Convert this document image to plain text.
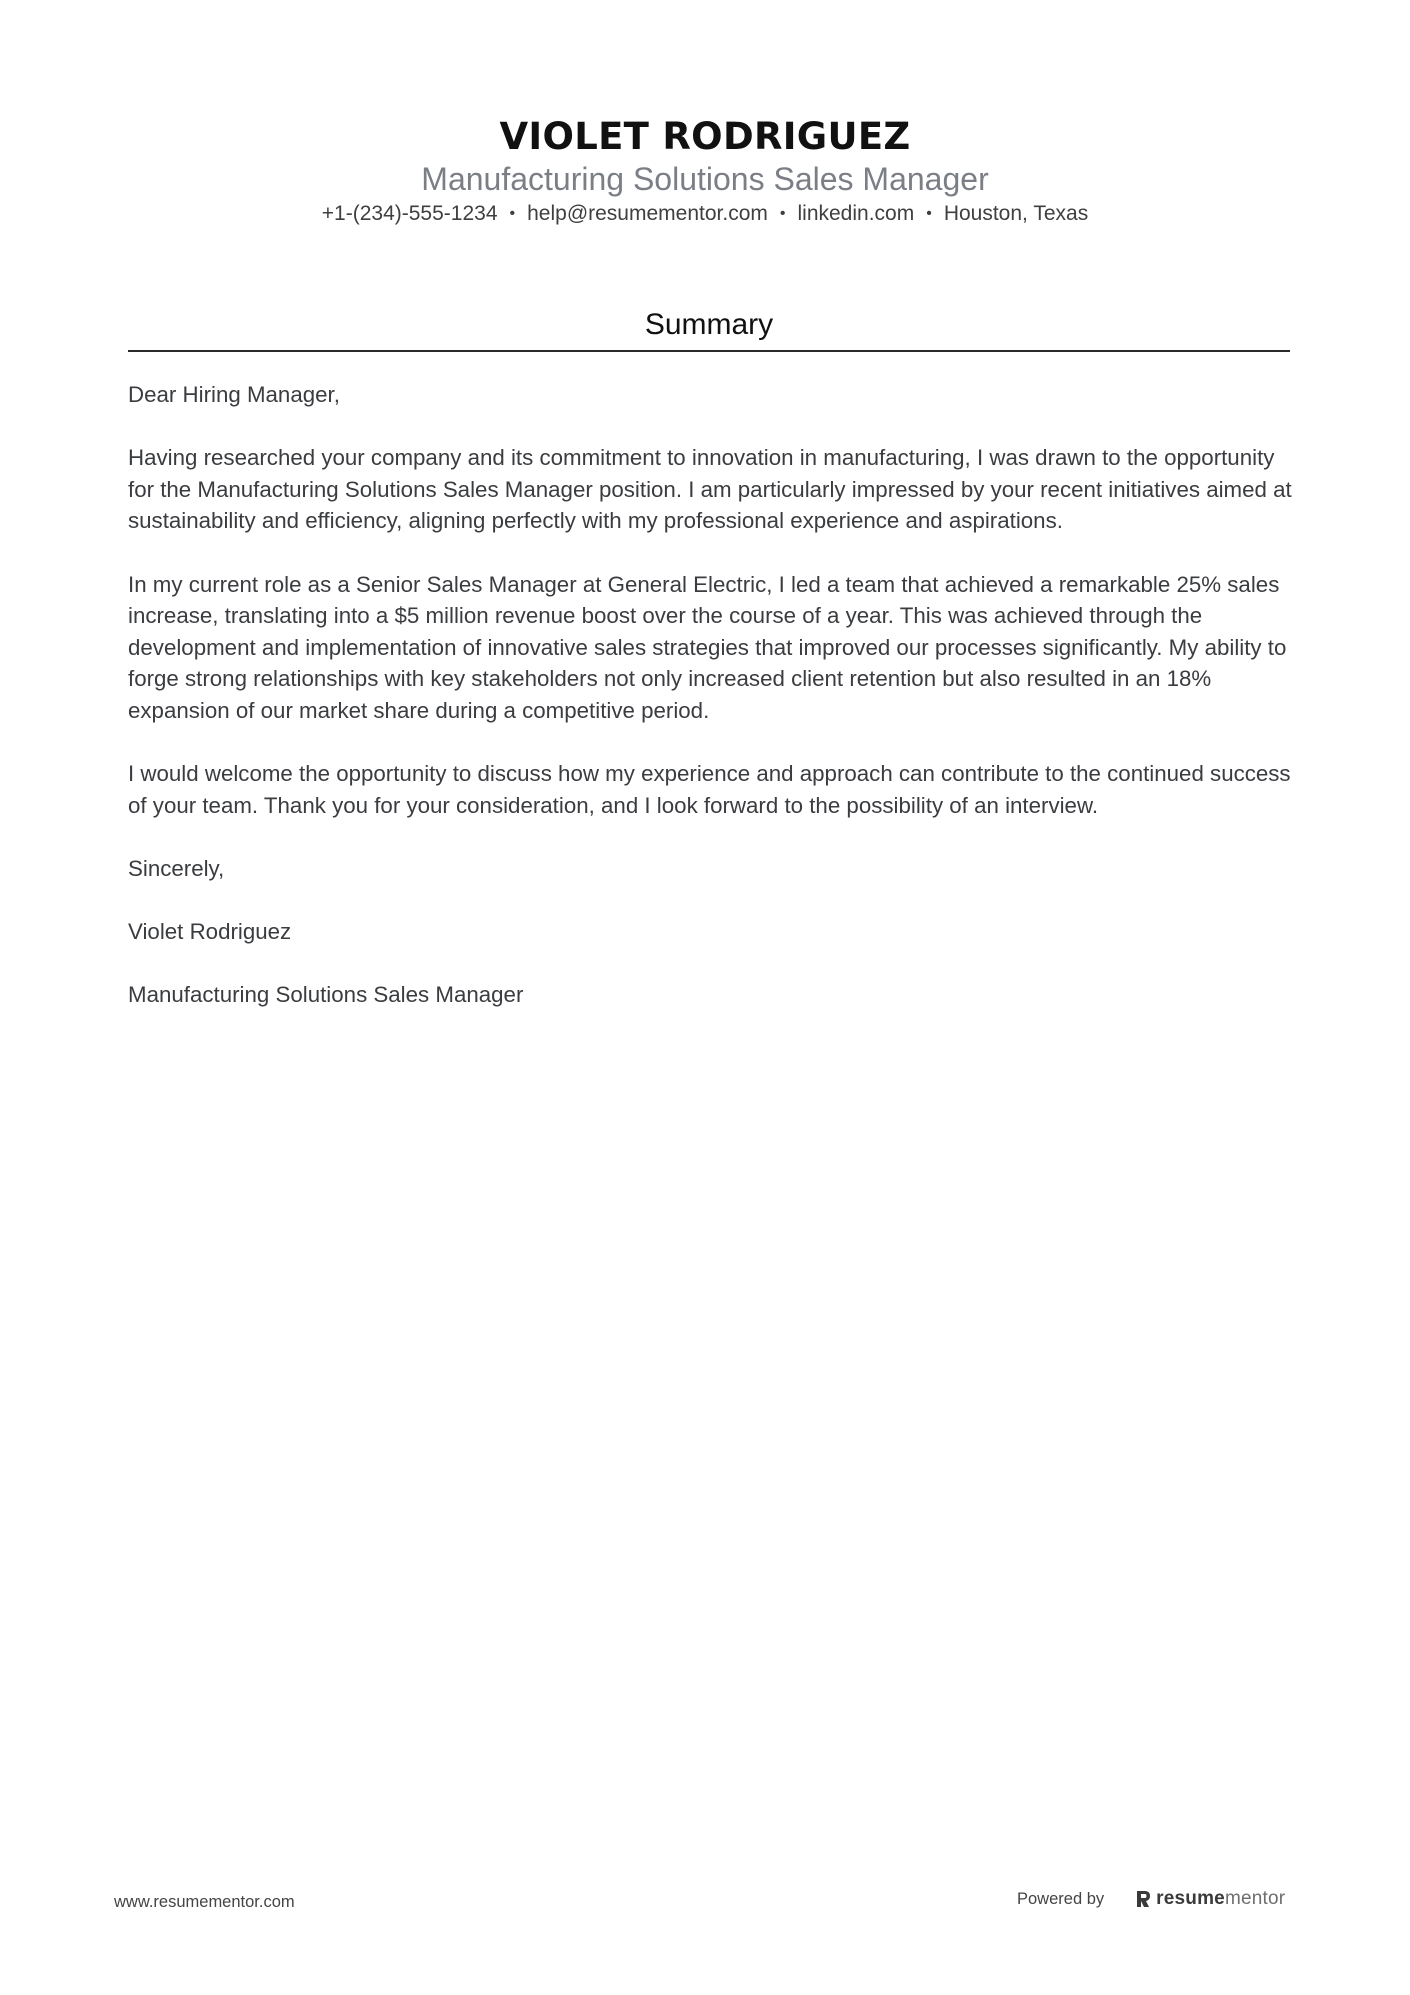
VIOLET RODRIGUEZ
Manufacturing Solutions Sales Manager
+1-(234)-555-1234 • help@resumementor.com • linkedin.com • Houston, Texas
Summary

Dear Hiring Manager,

Having researched your company and its commitment to innovation in manufacturing, I was drawn to the opportunity for the Manufacturing Solutions Sales Manager position. I am particularly impressed by your recent initiatives aimed at sustainability and efficiency, aligning perfectly with my professional experience and aspirations.

In my current role as a Senior Sales Manager at General Electric, I led a team that achieved a remarkable 25% sales increase, translating into a $5 million revenue boost over the course of a year. This was achieved through the development and implementation of innovative sales strategies that improved our processes significantly. My ability to forge strong relationships with key stakeholders not only increased client retention but also resulted in an 18% expansion of our market share during a competitive period.

I would welcome the opportunity to discuss how my experience and approach can contribute to the continued success of your team. Thank you for your consideration, and I look forward to the possibility of an interview.

Sincerely,

Violet Rodriguez

Manufacturing Solutions Sales Manager

www.resumementor.com	Powered by	resume mentor
